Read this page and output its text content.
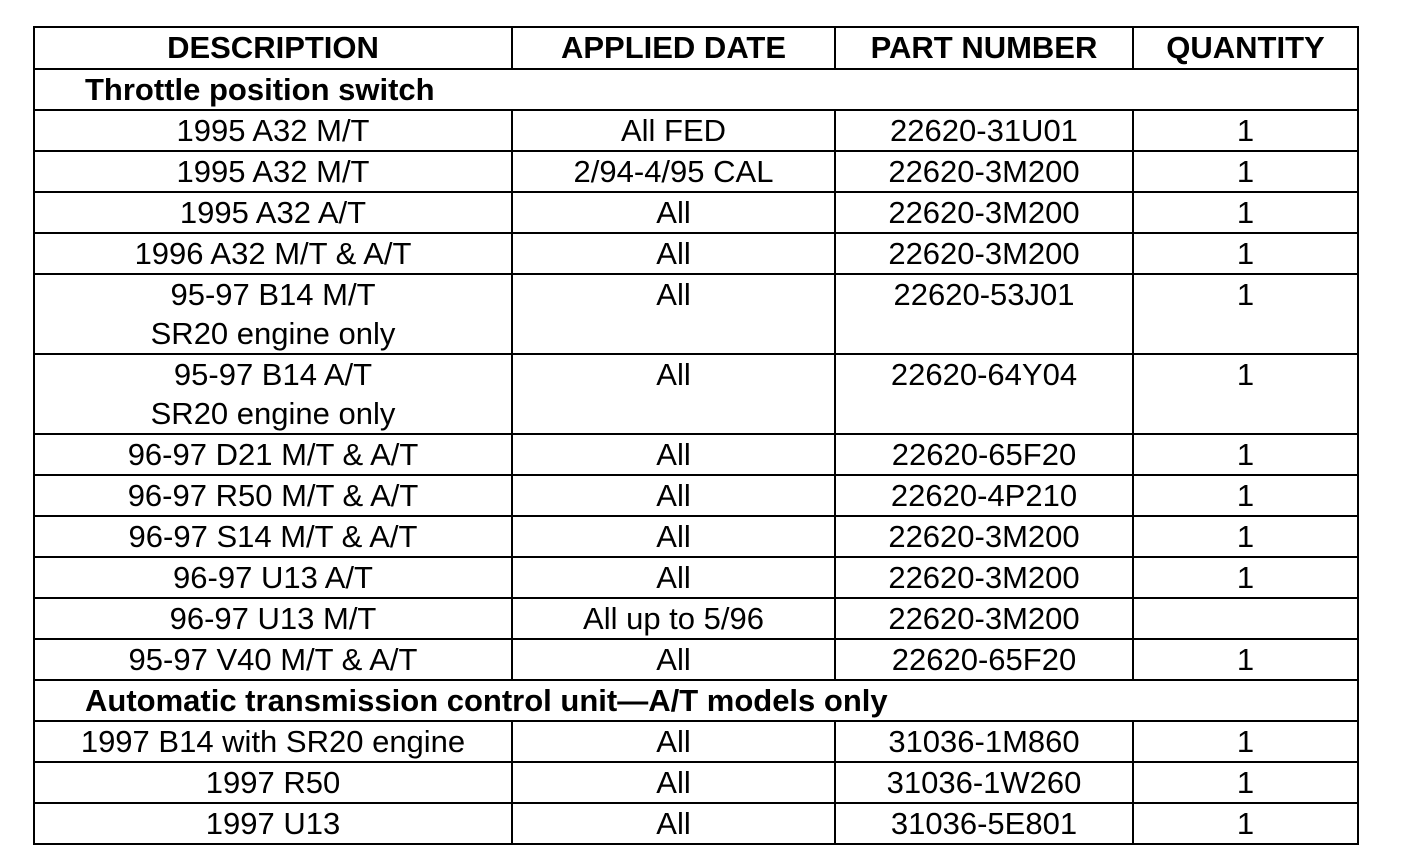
DESCRIPTION	APPLIED DATE	PART NUMBER	QUANTITY
Throttle position switch			

1995 A32 M/T	All FED	22620-31U01	1

1995 A32 M/T	2/94-4/95 CAL	22620-3M200	1

1995 A32 A/T	All	22620-3M200	1

1996 A32 M/T & A/T	All	22620-3M200	1

95-97 B14 M/T
SR20 engine only	All	22620-53J01	1

95-97 B14 A/T
SR20 engine only	All	22620-64Y04	1

96-97 D21 M/T & A/T	All	22620-65F20	1

96-97 R50 M/T & A/T	All	22620-4P210	1

96-97 S14 M/T & A/T	All	22620-3M200	1

96-97 U13 A/T	All	22620-3M200	1

96-97 U13 M/T	All up to 5/96	22620-3M200	

95-97 V40 M/T & A/T	All	22620-65F20	1
Automatic transmission control unit—A/T models only			

1997 B14 with SR20 engine	All	31036-1M860	1

1997 R50	All	31036-1W260	1

1997 U13	All	31036-5E801	1
